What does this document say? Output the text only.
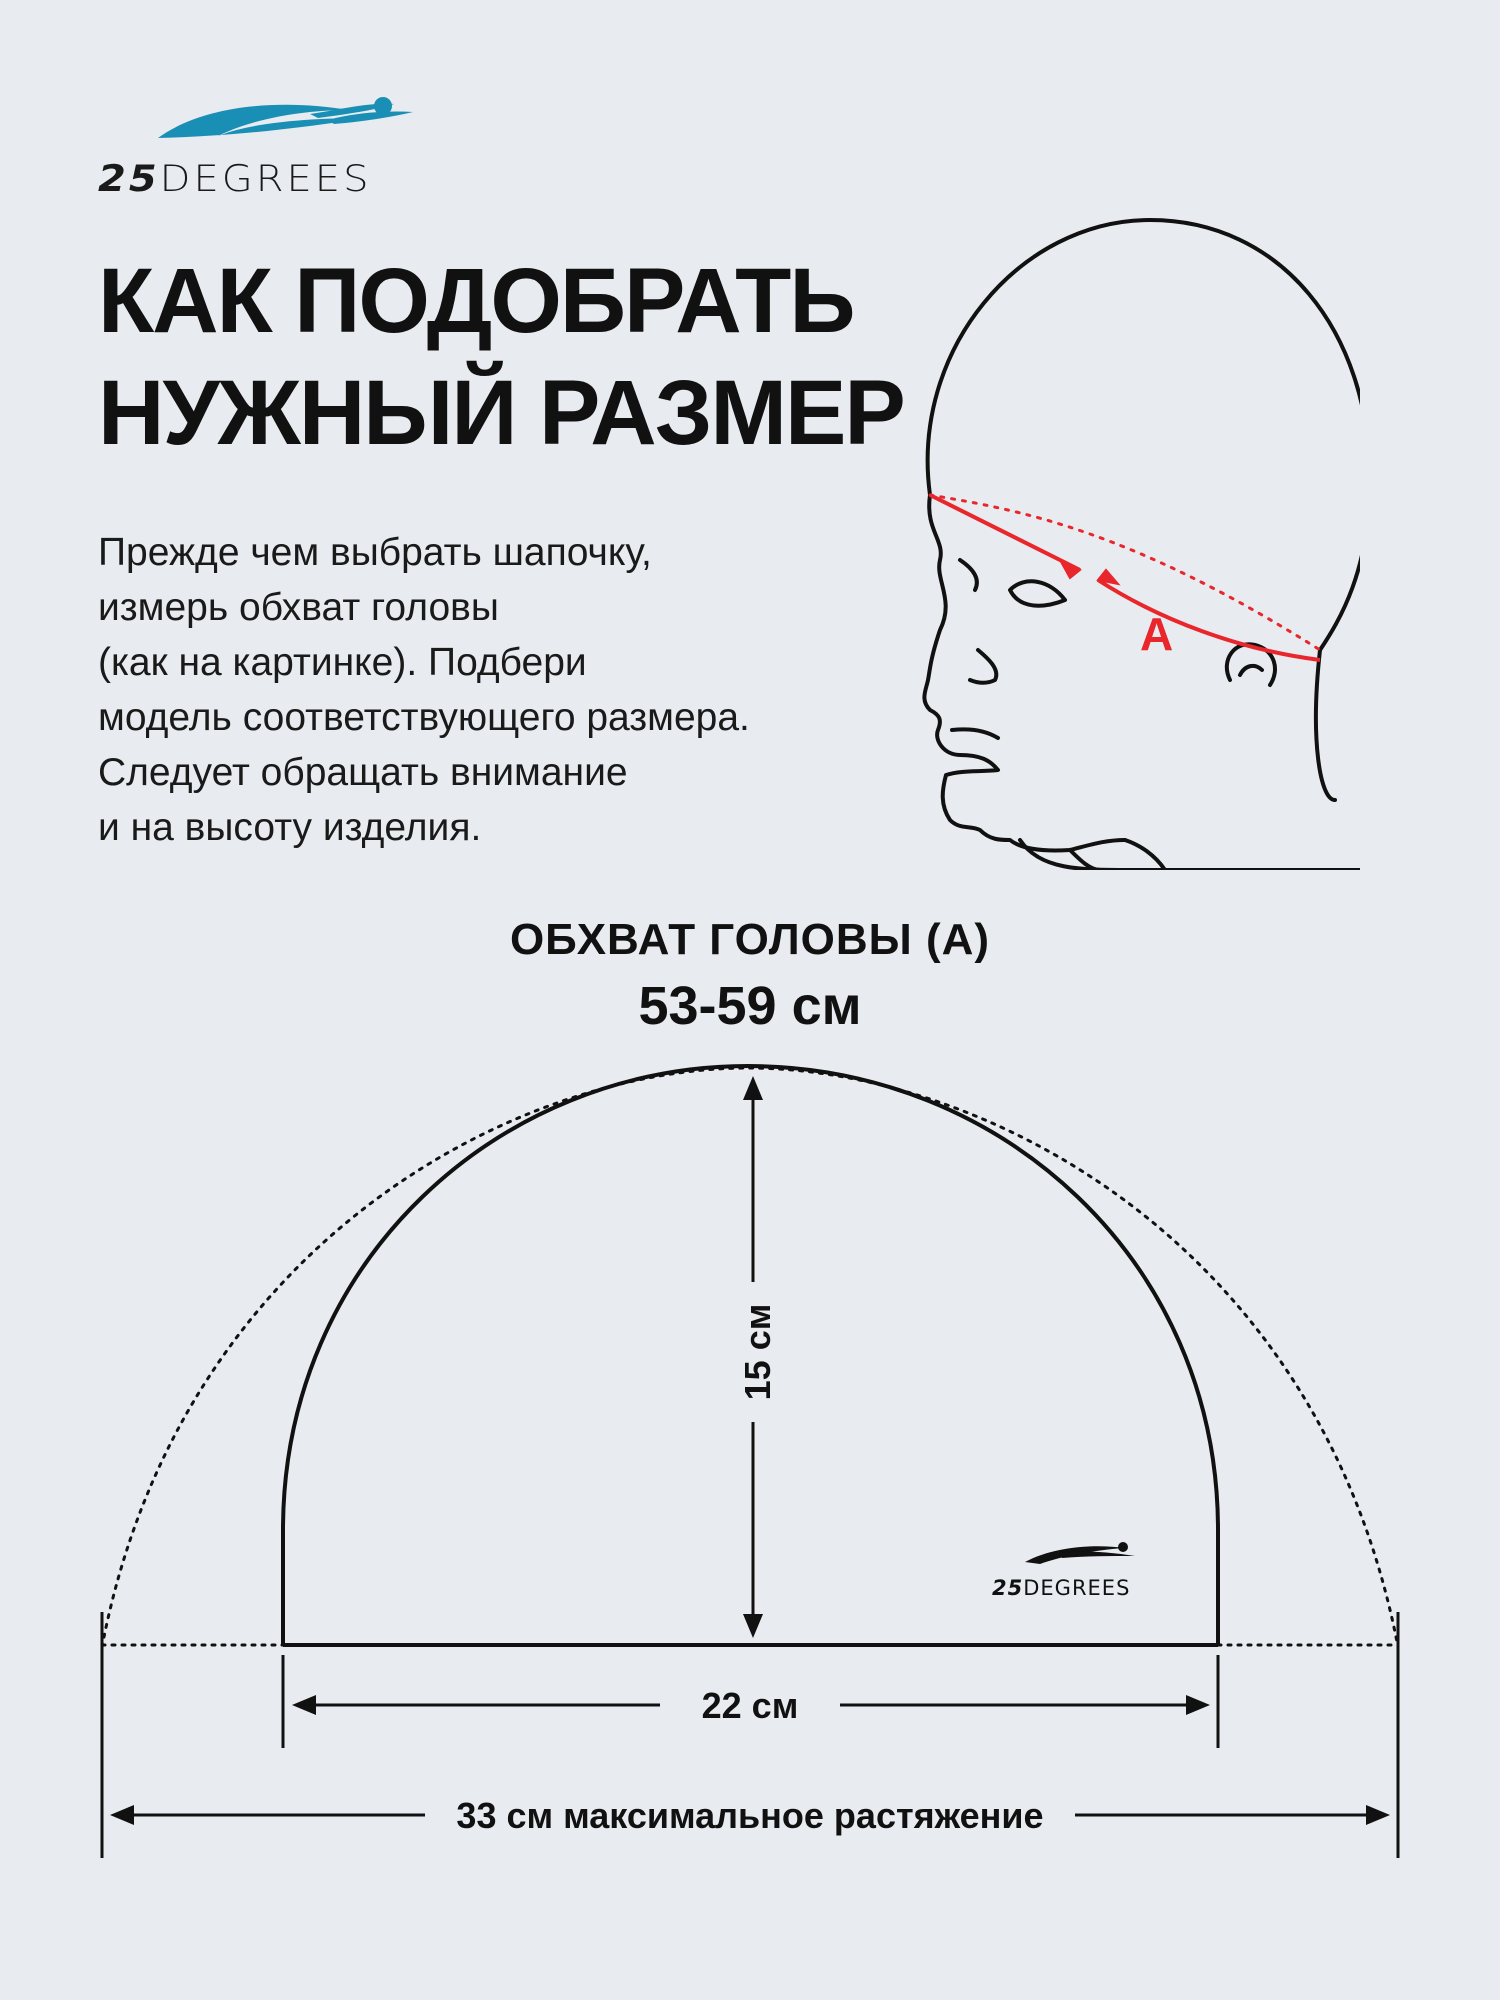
25DEGREES
КАК ПОДОБРАТЬ
НУЖНЫЙ РАЗМЕР
Прежде чем выбрать шапочку,
измерь обхват головы
(как на картинке). Подбери
модель соответствующего размера.
Следует обращать внимание
и на высоту изделия.
A
ОБХВАТ ГОЛОВЫ (А)
53-59 см
15 см
25DEGREES
22 см
33 см максимальное растяжение
